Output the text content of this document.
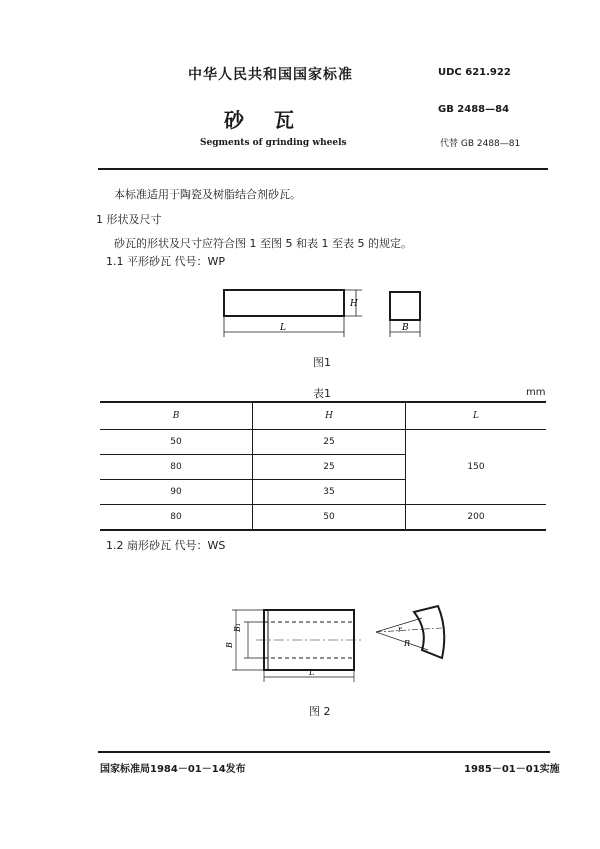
中华人民共和国国家标准	UDC 621.922
砂瓦	GB 2488—84
Segments of grinding wheels	代替 GB 2488—81
本标准适用于陶瓷及树脂结合剂砂瓦。
1 形状及尺寸
砂瓦的形状及尺寸应符合图 1 至图 5 和表 1 至表 5 的规定。
1.1 平形砂瓦 代号：WP
H
L	B
图1
表1	mm
B	H	L
50	25	150
80	25	
90	35	
80	50	200
1.2 扇形砂瓦 代号：WS
B₁
B
L
r
R
图 2
国家标准局1984－01－14发布	1985－01－01实施
